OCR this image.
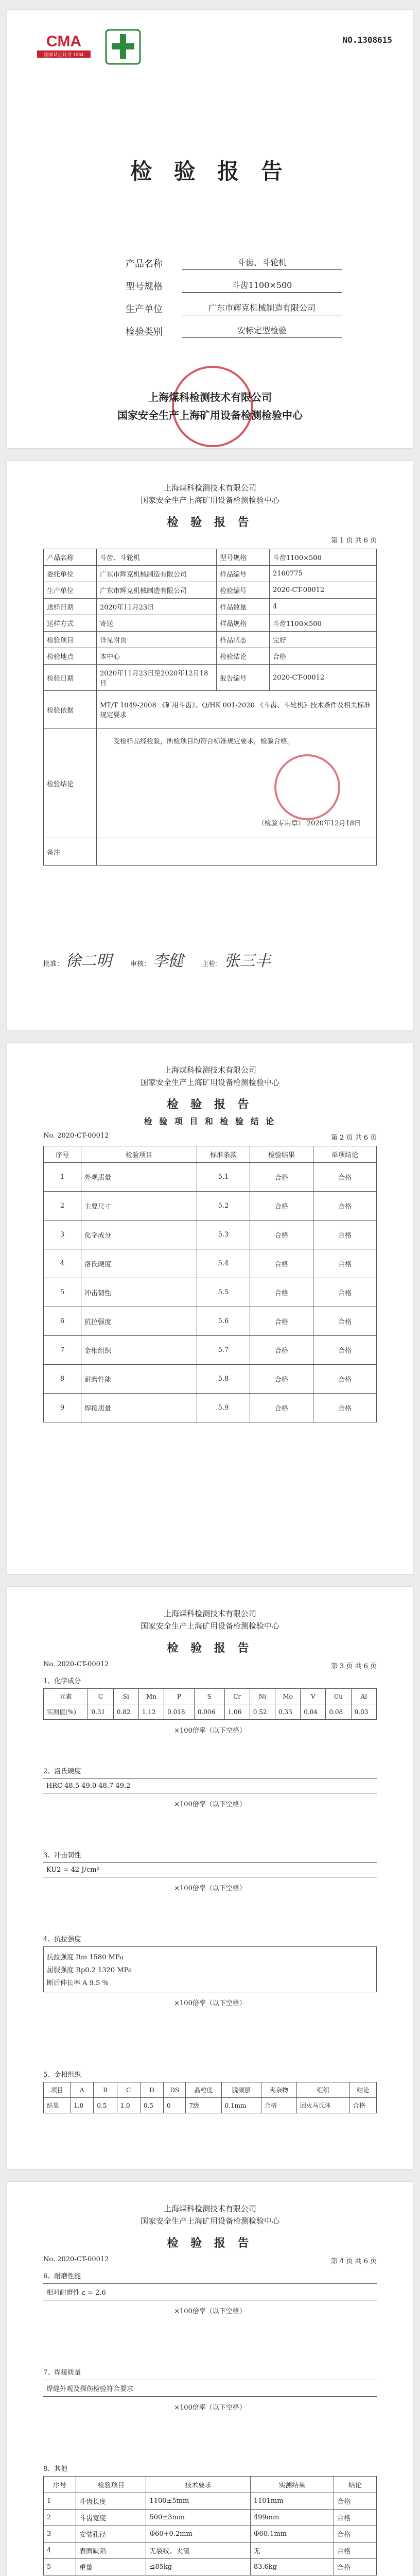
CMA
国家认证认可 1234
NO.1308615
检 验 报 告
产品名称	斗齿、斗轮机
型号规格	斗齿1100×500
生产单位	广东市辉克机械制造有限公司
检验类别	安标定型检验
上海煤科检测技术有限公司
国家安全生产上海矿用设备检测检验中心
上海煤科检测技术有限公司
国家安全生产上海矿用设备检测检验中心
检 验 报 告
第 1 页 共 6 页
产品名称	斗齿、斗轮机	型号规格	斗齿1100×500
委托单位	广东市辉克机械制造有限公司	样品编号	2160775
生产单位	广东市辉克机械制造有限公司	检验编号	2020-CT-00012
送样日期	2020年11月23日	样品数量	4
送样方式	寄送	样品规格	斗齿1100×500
检验项目	详见附页	样品状态	完好
检验地点	本中心	检验结论	合格
检验日期	2020年11月23日至2020年12月18日	报告编号	2020-CT-00012
检验依据	MT/T 1049-2008 《矿用斗齿》、Q/HK 001-2020 《斗齿、斗轮机》技术条件及相关标准规定要求		
检验结论	受检样品经检验，所检项目均符合标准规定要求，检验合格。
（检验专用章） 2020年12月18日		

备注			
批准： 徐二明	审核： 李健	主检： 张三丰
上海煤科检测技术有限公司
国家安全生产上海矿用设备检测检验中心
检 验 报 告
检 验 项 目 和 检 验 结 论
No. 2020-CT-00012	第 2 页 共 6 页
序号	检验项目	标准条款	检验结果	单项结论
1	外观质量	5.1	合格	合格
2	主要尺寸	5.2	合格	合格
3	化学成分	5.3	合格	合格
4	洛氏硬度	5.4	合格	合格
5	冲击韧性	5.5	合格	合格
6	抗拉强度	5.6	合格	合格
7	金相组织	5.7	合格	合格
8	耐磨性能	5.8	合格	合格
9	焊接质量	5.9	合格	合格
上海煤科检测技术有限公司
国家安全生产上海矿用设备检测检验中心
检 验 报 告
No. 2020-CT-00012	第 3 页 共 6 页
1、化学成分
元素	C	Si	Mn	P	S	Cr	Ni	Mo	V	Cu	Al
实测值(%)	0.31	0.82	1.12	0.018	0.006	1.06	0.52	0.33	0.04	0.08	0.03
×100倍率（以下空格）
2、洛氏硬度
HRC 48.5 49.0 48.7 49.2
×100倍率（以下空格）
3、冲击韧性
KU2 = 42 J/cm²
×100倍率（以下空格）
4、抗拉强度
抗拉强度 Rm 1580 MPa
屈服强度 Rp0.2 1320 MPa
断后伸长率 A 9.5 %
×100倍率（以下空格）
5、金相组织
项目	A	B	C	D	DS	晶粒度	脱碳层	夹杂物	组织	结论
结果	1.0	0.5	1.0	0.5	0	7级	0.1mm	合格	回火马氏体	合格
上海煤科检测技术有限公司
国家安全生产上海矿用设备检测检验中心
检 验 报 告
No. 2020-CT-00012	第 4 页 共 6 页
6、耐磨性能
相对耐磨性 ε = 2.6
×100倍率（以下空格）
7、焊接质量
焊缝外观及探伤检验符合要求
×100倍率（以下空格）
8、其他
序号	检验项目	技术要求	实测结果	结论
1	斗齿长度	1100±5mm	1101mm	合格
2	斗齿宽度	500±3mm	499mm	合格
3	安装孔径	Φ60+0.2mm	Φ60.1mm	合格
4	表面缺陷	无裂纹、夹渣	无	合格
5	重量	≤85kg	83.6kg	合格
